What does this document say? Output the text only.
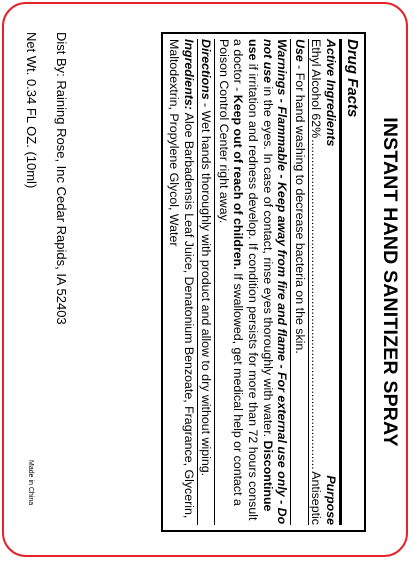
INSTANT HAND SANITIZER SPRAY
Drug Facts
Active Ingredients
Purpose
Ethyl Alcohol 62%
.....
Antiseptic
Use - For hand washing to decrease bacteria on the skin.
Warnings - Flammable - Keep away from fire and flame - For external use only - Do not use in the eyes. In case of contact, rinse eyes thoroughly with water. Discontinue use if irritation and redness develop. If condition persists for more than 72 hours consult a doctor - Keep out of reach of children. If swallowed, get medical help or contact a Poison Control Center right away.
Directions - Wet hands thoroughly with product and allow to dry without wiping.
Ingredients: Aloe Barbadensis Leaf Juice, Denatonium Benzoate, Fragrance, Glycerin, Maltodextrin, Propylene Glycol, Water
Dist By: Raining Rose, Inc Cedar Rapids, IA 52403
Net Wt. 0.34 FL OZ. (10ml)
Made in China
